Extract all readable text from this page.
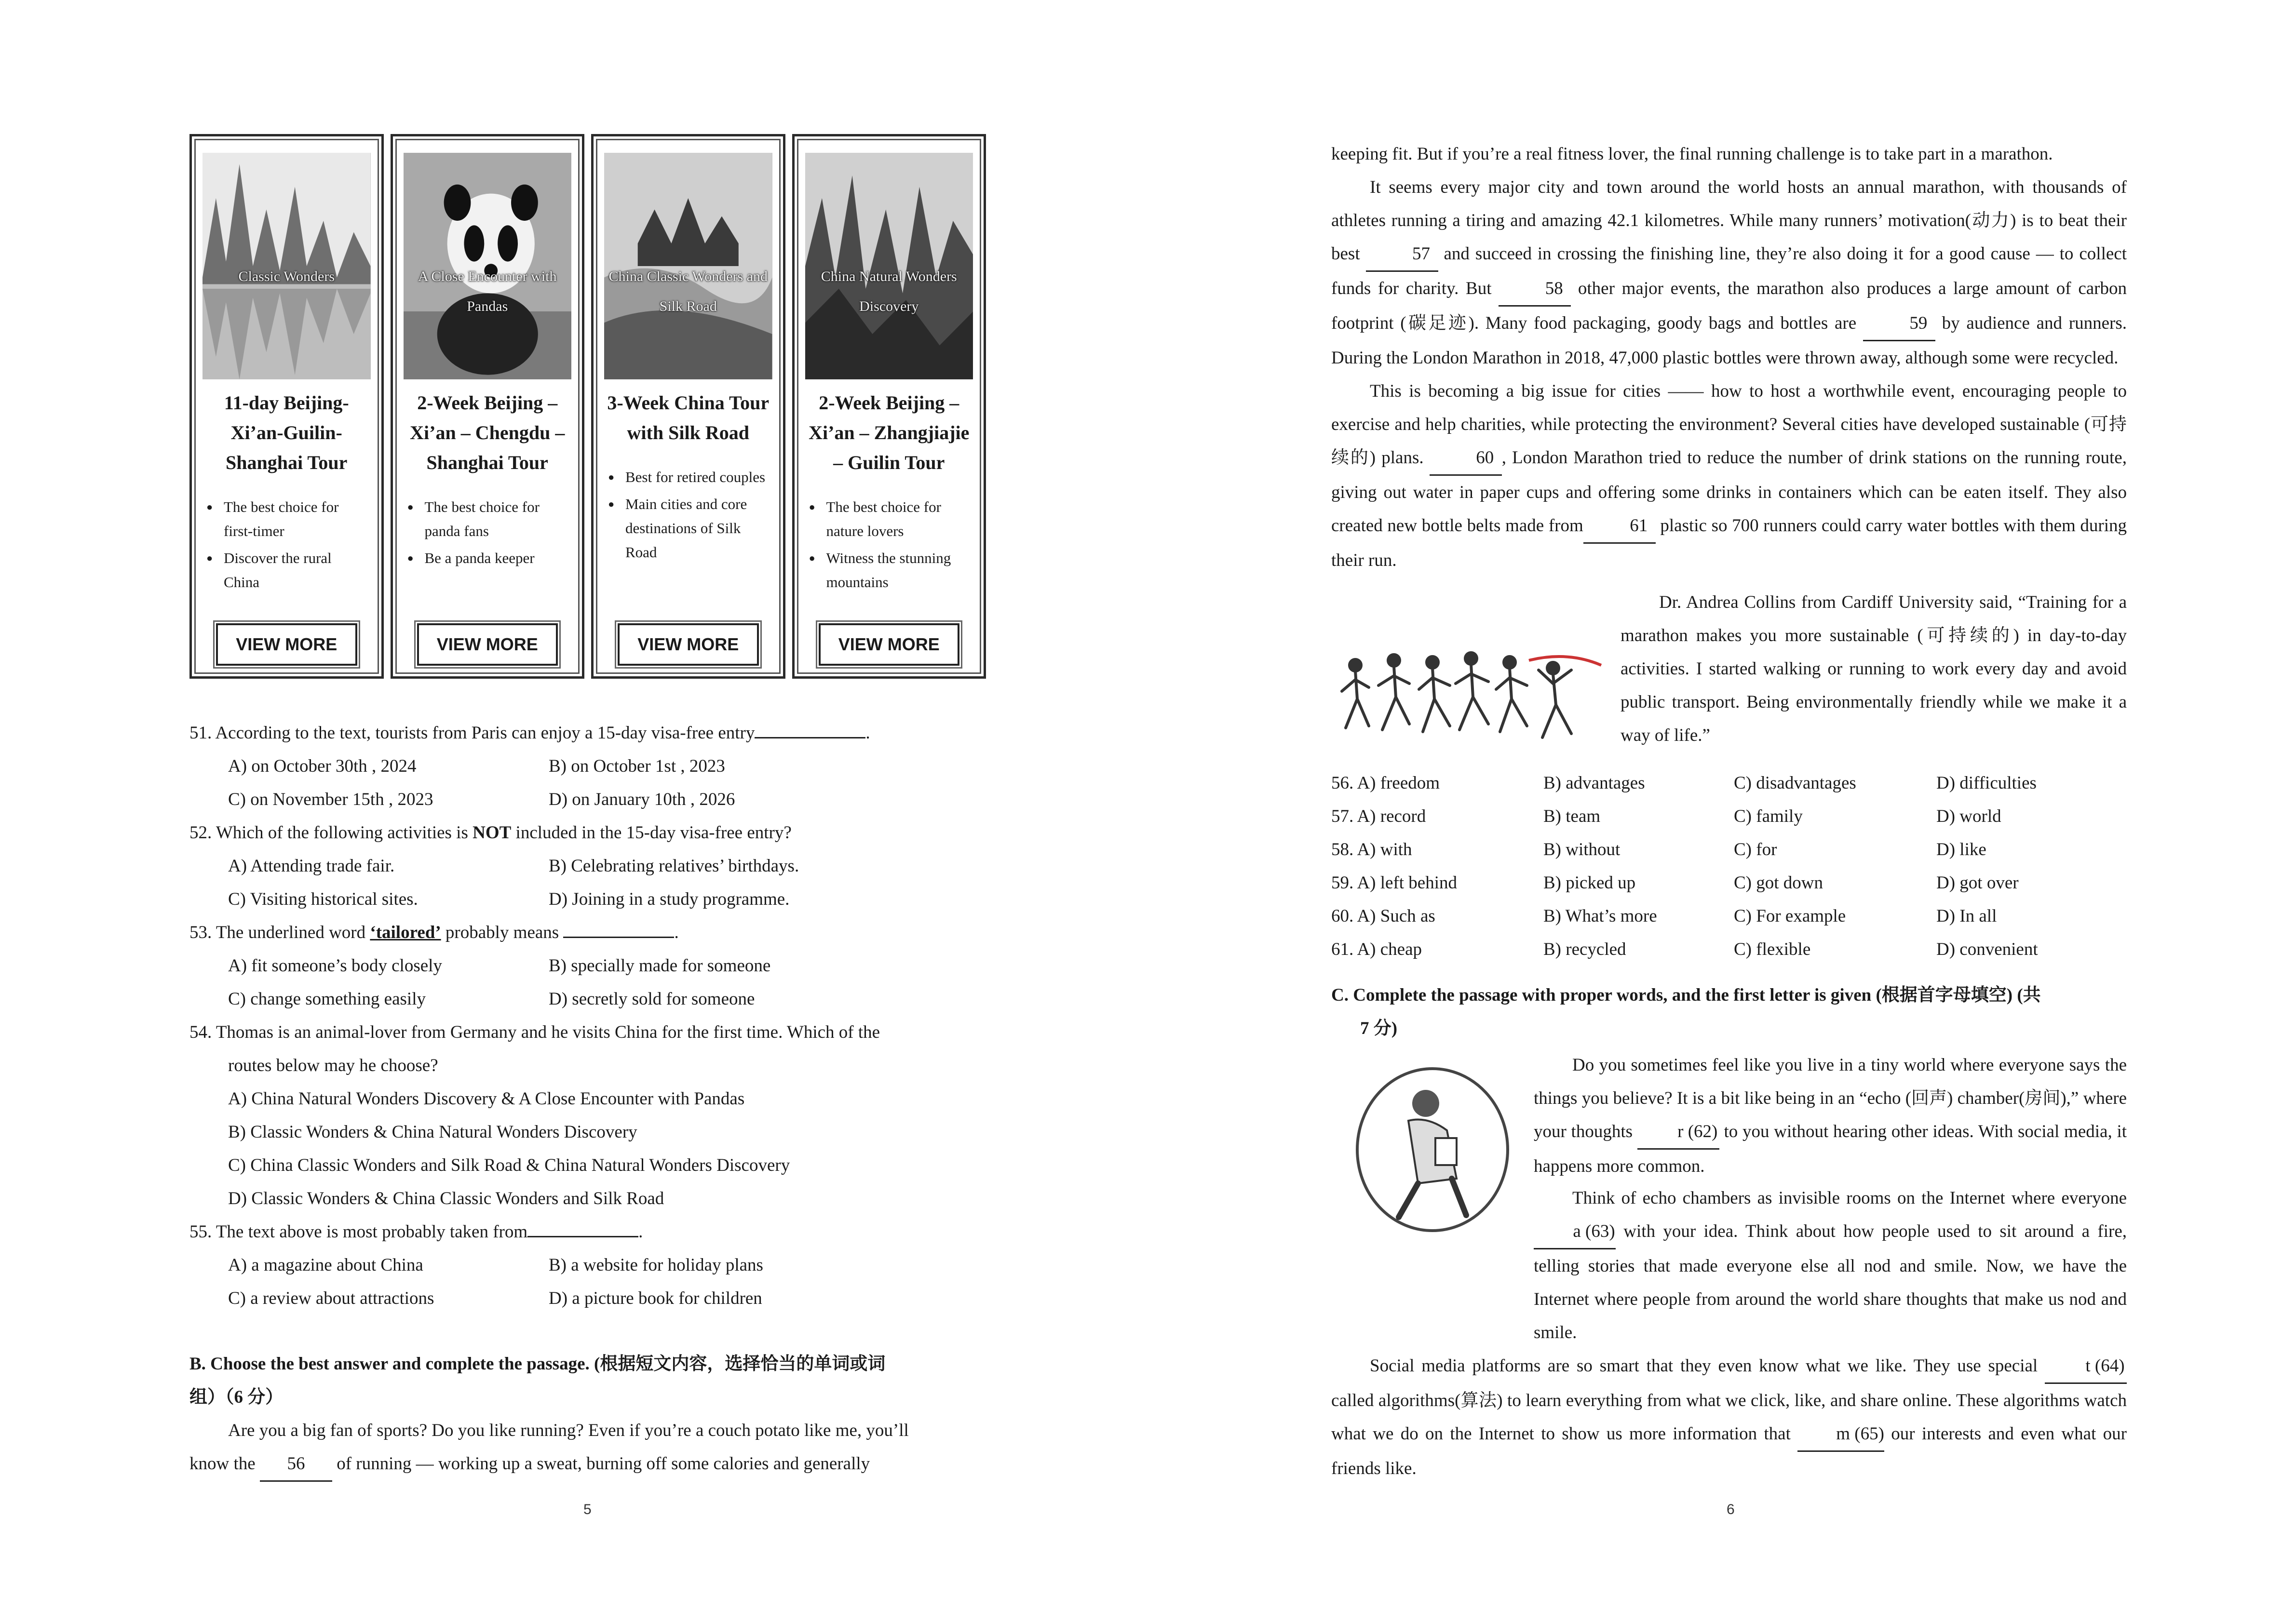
Classic Wonders
11-day Beijing-Xi’an-Guilin-Shanghai Tour
● The best choice for first-timer
● Discover the rural China
VIEW MORE
A Close Encounter with Pandas
2-Week Beijing – Xi’an – Chengdu – Shanghai Tour
● The best choice for panda fans
● Be a panda keeper
VIEW MORE
China Classic Wonders and Silk Road
3-Week China Tour with Silk Road
● Best for retired couples
● Main cities and core destinations of Silk Road
VIEW MORE
China Natural Wonders Discovery
2-Week Beijing – Xi’an – Zhangjiajie – Guilin Tour
● The best choice for nature lovers
● Witness the stunning mountains
VIEW MORE
51. According to the text, tourists from Paris can enjoy a 15-day visa-free entry	.
A) on October 30th , 2024	B) on October 1st , 2023
C) on November 15th , 2023	D) on January 10th , 2026
52. Which of the following activities is NOT included in the 15-day visa-free entry?
A) Attending trade fair.	B) Celebrating relatives’ birthdays.
C) Visiting historical sites.	D) Joining in a study programme.
53. The underlined word ‘tailored’ probably means	.
A) fit someone’s body closely	B) specially made for someone
C) change something easily	D) secretly sold for someone
54. Thomas is an animal-lover from Germany and he visits China for the first time. Which of the
routes below may he choose?
A) China Natural Wonders Discovery & A Close Encounter with Pandas
B) Classic Wonders & China Natural Wonders Discovery
C) China Classic Wonders and Silk Road & China Natural Wonders Discovery
D) Classic Wonders & China Classic Wonders and Silk Road
55. The text above is most probably taken from	.
A) a magazine about China	B) a website for holiday plans
C) a review about attractions	D) a picture book for children

B. Choose the best answer and complete the passage. (根据短文内容，选择恰当的单词或词

组）（6 分）

Are you a big fan of sports? Do you like running? Even if you’re a couch potato like me, you’ll

know the 56 of running — working up a sweat, burning off some calories and generally

5

keeping fit. But if you’re a real fitness lover, the final running challenge is to take part in a marathon.

It seems every major city and town around the world hosts an annual marathon, with thousands of athletes running a tiring and amazing 42.1 kilometres. While many runners’ motivation(动力) is to beat their best	57 and succeed in crossing the finishing line, they’re also doing it for a good cause — to collect funds for charity. But	58 other major events, the marathon also produces a large amount of carbon footprint (碳足迹). Many food packaging, goody bags and bottles are	59 by audience and runners. During the London Marathon in 2018, 47,000 plastic bottles were thrown away, although some were recycled.

This is becoming a big issue for cities —— how to host a worthwhile event, encouraging people to exercise and help charities, while protecting the environment? Several cities have developed sustainable (可持续的) plans.	60 , London Marathon tried to reduce the number of drink stations on the running route, giving out water in paper cups and offering some drinks in containers which can be eaten itself. They also created new bottle belts made from	61 plastic so 700 runners could carry water bottles with them during their run.

Dr. Andrea Collins from Cardiff University said, “Training for a marathon makes you more sustainable (可持续的) in day-to-day activities. I started walking or running to work every day and avoid public transport. Being environmentally friendly while we make it a way of life.”

56. A) freedom	B) advantages	C) disadvantages	D) difficulties
57. A) record	B) team	C) family	D) world
58. A) with	B) without	C) for	D) like
59. A) left behind	B) picked up	C) got down	D) got over
60. A) Such as	B) What’s more	C) For example	D) In all
61. A) cheap	B) recycled	C) flexible	D) convenient

C. Complete the passage with proper words, and the first letter is given (根据首字母填空) (共

7 分)

Do you sometimes feel like you live in a tiny world where everyone says the things you believe? It is a bit like being in an “echo (回声) chamber(房间),” where your thoughts r (62) to you without hearing other ideas. With social media, it happens more common.

Think of echo chambers as invisible rooms on the Internet where everyone a (63) with your idea. Think about how people used to sit around a fire, telling stories that made everyone else all nod and smile. Now, we have the Internet where people from around the world share thoughts that make us nod and smile.

Social media platforms are so smart that they even know what we like. They use special t (64) called algorithms(算法) to learn everything from what we click, like, and share online. These algorithms watch what we do on the Internet to show us more information that m (65) our interests and even what our friends like.

6
